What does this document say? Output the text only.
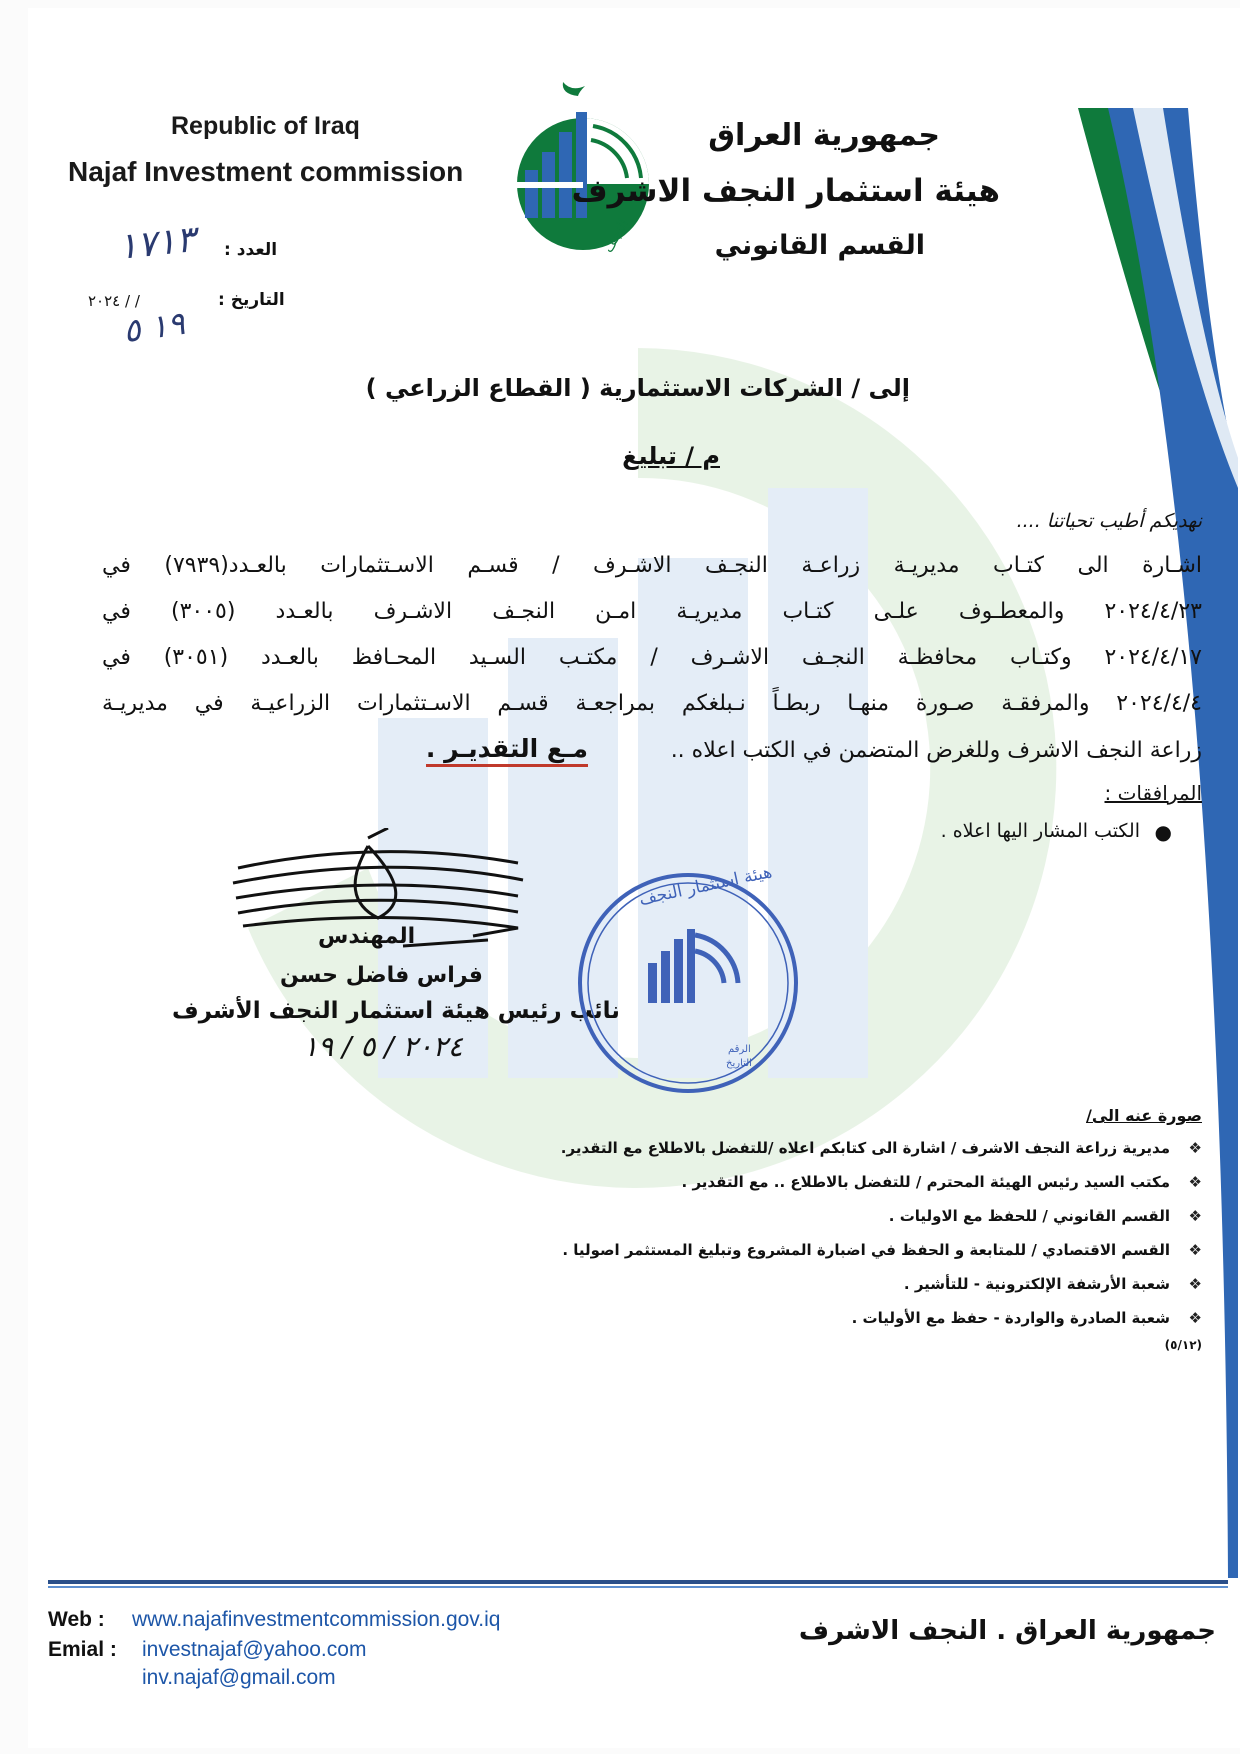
Republic of Iraq
Najaf Investment commission
النجف
جمهورية العراق
هيئة استثمار النجف الاشرف
القسم القانوني
العدد :
١٧١٣
التاريخ :
/ / ٢٠٢٤
١٩ ٥
إلى / الشركات الاستثمارية ( القطاع الزراعي )
م / تبليغ
نهديكم أطيب تحياتنا ....
اشـارة الى كتـاب مديريـة زراعـة النجـف الاشـرف / قسـم الاسـتثمارات بالعـدد(٧٩٣٩) في
٢٠٢٤/٤/٢٣ والمعطـوف علـى كتـاب مديريـة امـن النجـف الاشـرف بالعـدد (٣٠٠٥) في
٢٠٢٤/٤/١٧ وكتـاب محافظـة النجـف الاشـرف / مكتـب السـيد المحـافظ بالعـدد (٣٠٥١) في
٢٠٢٤/٤/٤ والمرفقـة صـورة منهـا ربطـاً نـبلغكم بمراجعـة قسـم الاسـتثمارات الزراعيـة في مديريـة
زراعة النجف الاشرف وللغرض المتضمن في الكتب اعلاه ..
مـع التقديـر .
المرافقات :
●
الكتب المشار اليها اعلاه .
المهندس
فراس فاضل حسن
نائب رئيس هيئة استثمار النجف الأشرف
٢٠٢٤ / ٥ / ١٩
هيئة استثمار النجف
الرقم
التاريخ
صورة عنه الى/
❖
مديرية زراعة النجف الاشرف / اشارة الى كتابكم اعلاه /للتفضل بالاطلاع مع التقدير.
❖
مكتب السيد رئيس الهيئة المحترم / للتفضل بالاطلاع .. مع التقدير .
❖
القسم القانوني / للحفظ مع الاوليات .
❖
القسم الاقتصادي / للمتابعة و الحفظ في اضبارة المشروع وتبليغ المستثمر اصوليا .
❖
شعبة الأرشفة الإلكترونية - للتأشير .
❖
شعبة الصادرة والواردة - حفظ مع الأوليات .
(٥/١٢)
Web : www.najafinvestmentcommission.gov.iq
Emial : investnajaf@yahoo.com
inv.najaf@gmail.com
جمهورية العراق . النجف الاشرف
